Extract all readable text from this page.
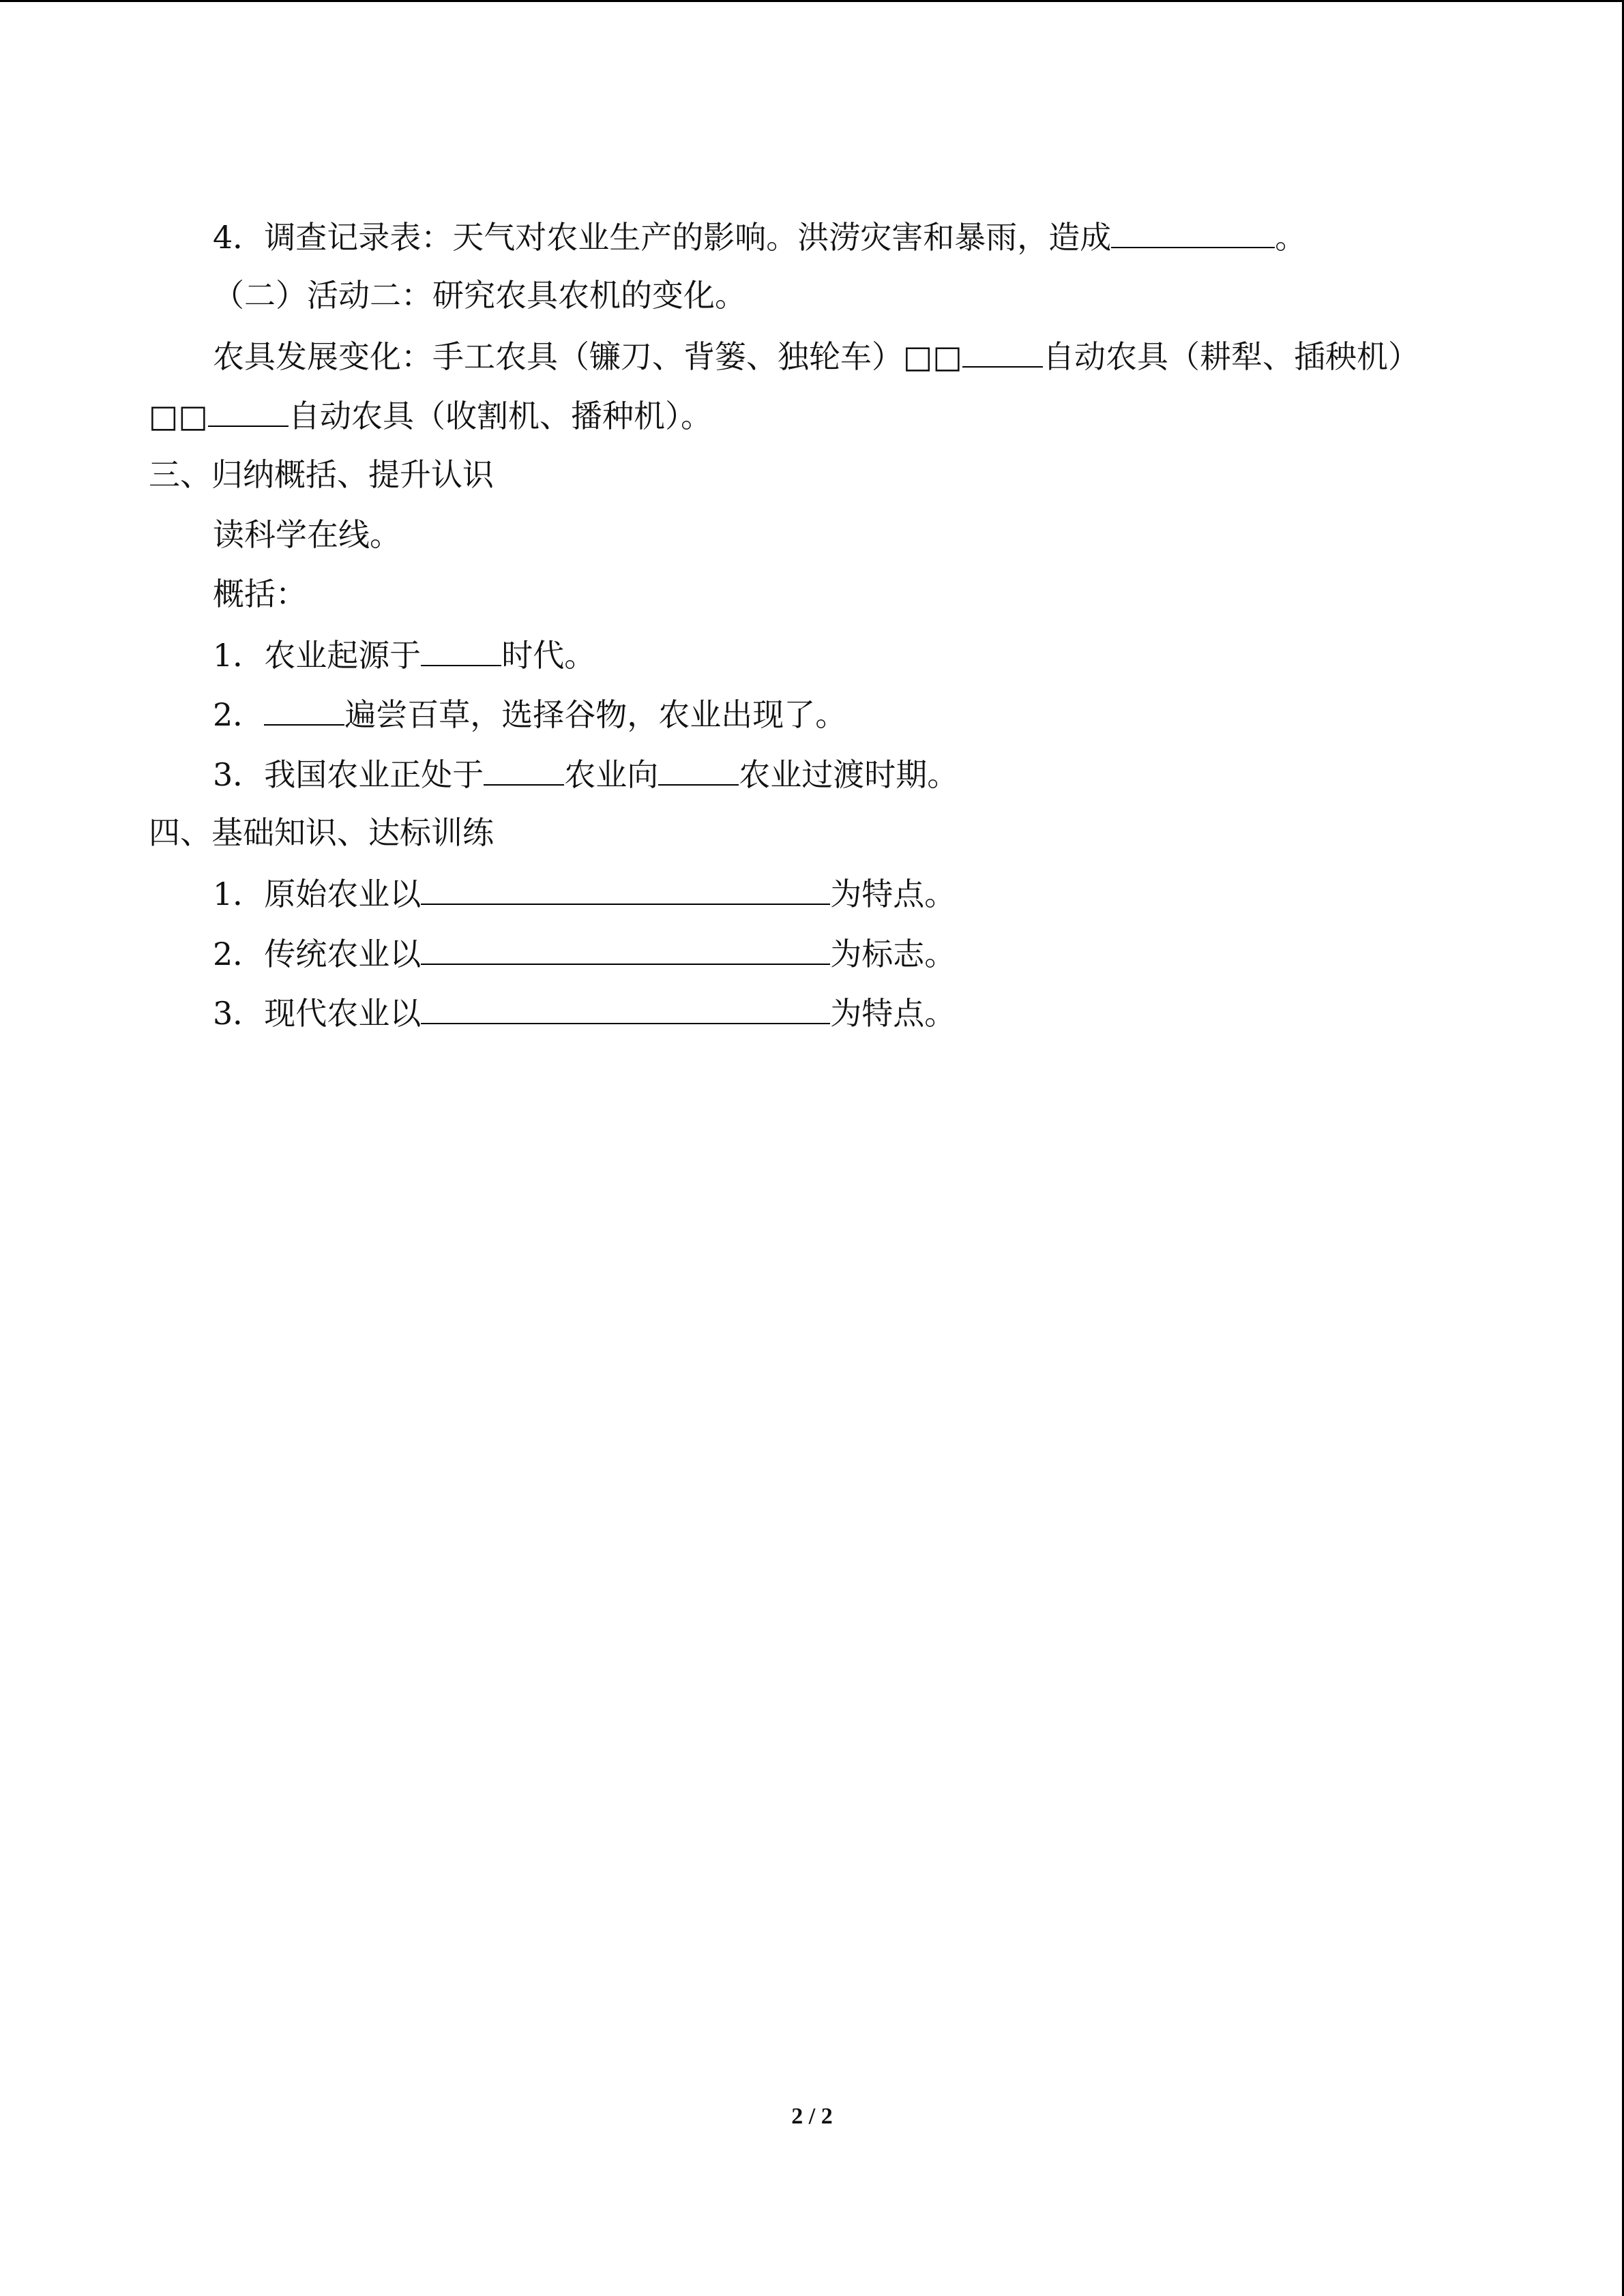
4．调查记录表：天气对农业生产的影响。洪涝灾害和暴雨，造成	。
（二）活动二：研究农具农机的变化。
农具发展变化：手工农具（镰刀、背篓、独轮车）□□	自动农具（耕犁、插秧机）
□□	自动农具（收割机、播种机）。
三、归纳概括、提升认识
读科学在线。
概括：
1．农业起源于	时代。
2．	遍尝百草，选择谷物，农业出现了。
3．我国农业正处于	农业向	农业过渡时期。
四、基础知识、达标训练
1．原始农业以	为特点。
2．传统农业以	为标志。
3．现代农业以	为特点。
2 / 2
